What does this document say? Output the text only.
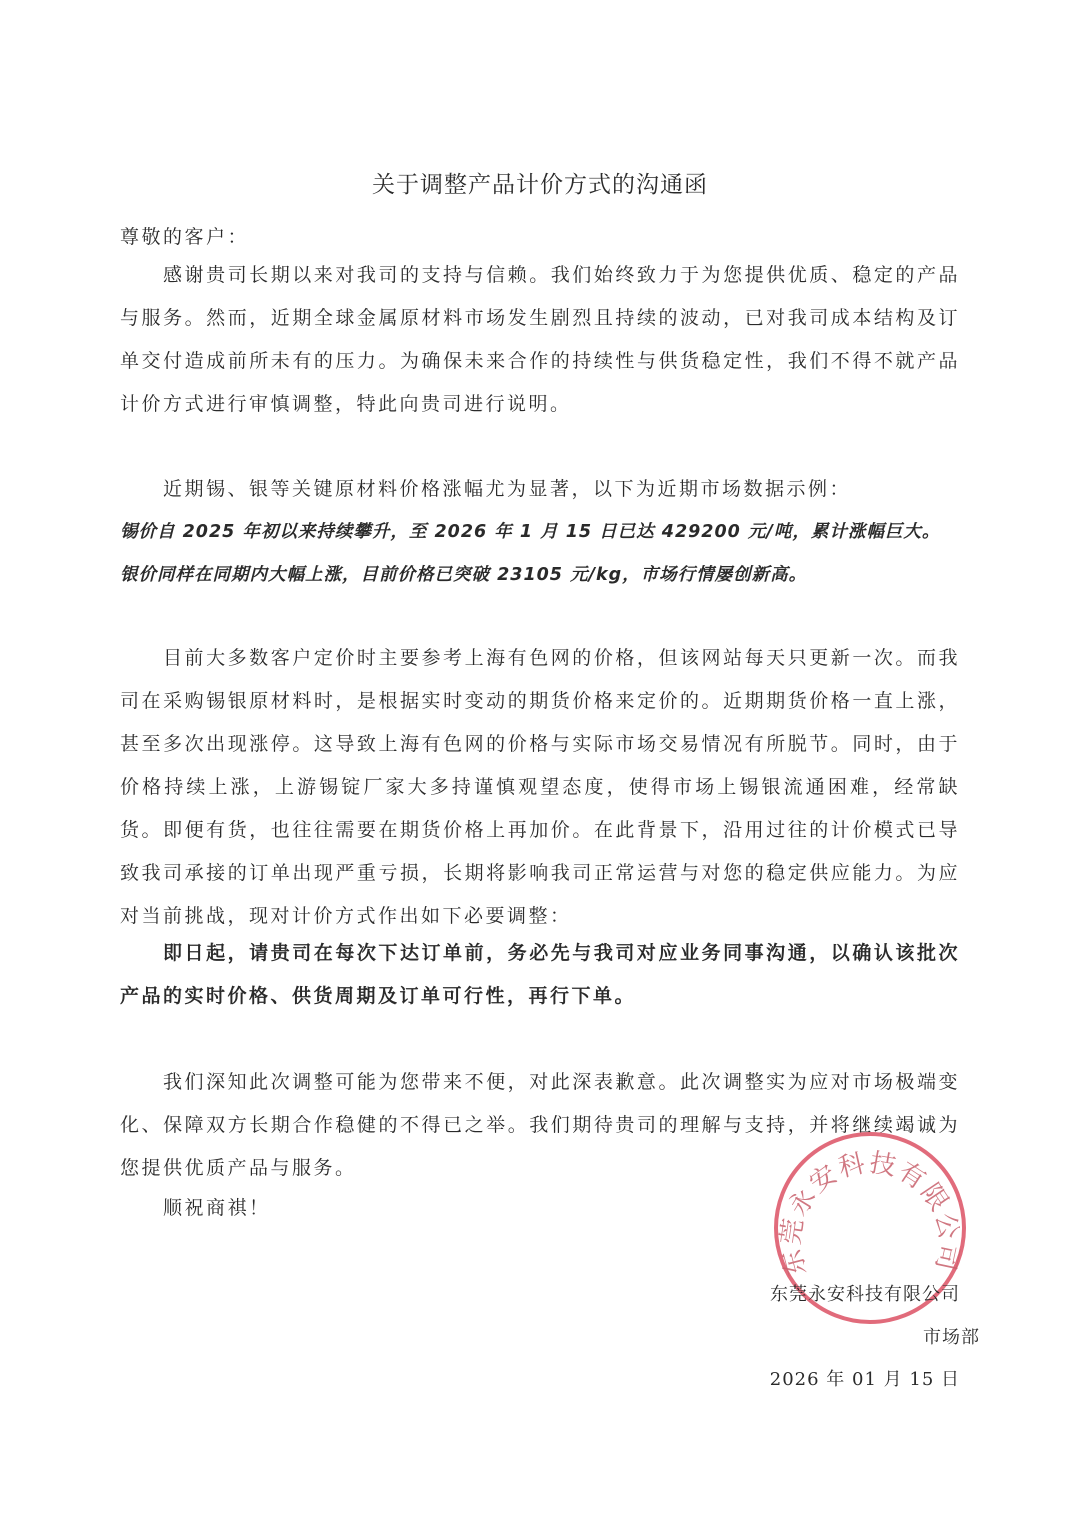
关于调整产品计价方式的沟通函
尊敬的客户：
感谢贵司长期以来对我司的支持与信赖。我们始终致力于为您提供优质、稳定的产品与服务。然而，近期全球金属原材料市场发生剧烈且持续的波动，已对我司成本结构及订单交付造成前所未有的压力。为确保未来合作的持续性与供货稳定性，我们不得不就产品计价方式进行审慎调整，特此向贵司进行说明。
近期锡、银等关键原材料价格涨幅尤为显著，以下为近期市场数据示例：
锡价自 2025 年初以来持续攀升，至 2026 年 1 月 15 日已达 429200 元/吨，累计涨幅巨大。
银价同样在同期内大幅上涨，目前价格已突破 23105 元/kg，市场行情屡创新高。
目前大多数客户定价时主要参考上海有色网的价格，但该网站每天只更新一次。而我司在采购锡银原材料时，是根据实时变动的期货价格来定价的。近期期货价格一直上涨，甚至多次出现涨停。这导致上海有色网的价格与实际市场交易情况有所脱节。同时，由于价格持续上涨，上游锡锭厂家大多持谨慎观望态度，使得市场上锡银流通困难，经常缺货。即便有货，也往往需要在期货价格上再加价。在此背景下，沿用过往的计价模式已导致我司承接的订单出现严重亏损，长期将影响我司正常运营与对您的稳定供应能力。为应对当前挑战，现对计价方式作出如下必要调整：
即日起，请贵司在每次下达订单前，务必先与我司对应业务同事沟通，以确认该批次产品的实时价格、供货周期及订单可行性，再行下单。
我们深知此次调整可能为您带来不便，对此深表歉意。此次调整实为应对市场极端变化、保障双方长期合作稳健的不得已之举。我们期待贵司的理解与支持，并将继续竭诚为您提供优质产品与服务。
顺祝商祺！
东莞永安科技有限公司
东莞永安科技有限公司
市场部
2026 年 01 月 15 日
